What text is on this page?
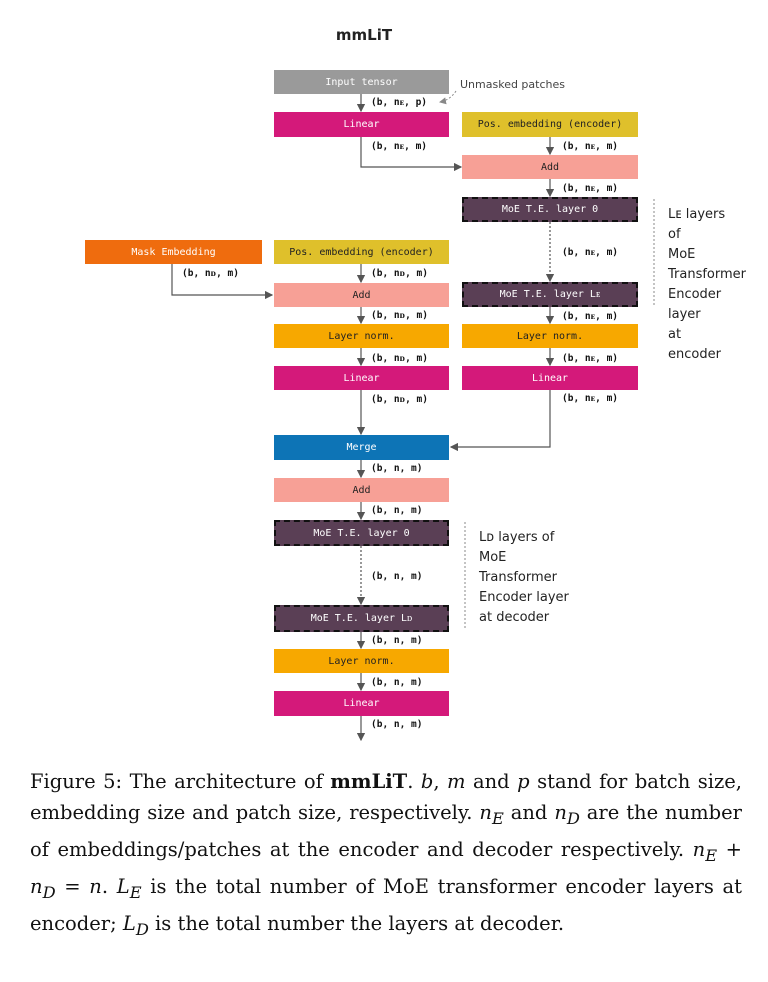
mmLiT
Input tensor	Unmasked patches
(b, nᴇ, p)
Linear
(b, nᴇ, m)
Pos. embedding (encoder)
(b, nᴇ, m)
Add
(b, nᴇ, m)
MoE T.E. layer 0
(b, nᴇ, m)
MoE T.E. layer Lᴇ
Lᴇ layers of
MoE
Transformer
Encoder layer
at encoder
(b, nᴇ, m)
Layer norm.
(b, nᴇ, m)
Linear
(b, nᴇ, m)
Mask Embedding
(b, nᴅ, m)
Pos. embedding (encoder)
(b, nᴅ, m)
Add
(b, nᴅ, m)
Layer norm.
(b, nᴅ, m)
Linear
(b, nᴅ, m)
Merge
(b, n, m)
Add
(b, n, m)
MoE T.E. layer 0
(b, n, m)
MoE T.E. layer Lᴅ
Lᴅ layers of
MoE
Transformer
Encoder layer
at decoder
(b, n, m)
Layer norm.
(b, n, m)
Linear
(b, n, m)
Figure 5: The architecture of mmLiT. b, m and p stand for batch size, embedding size and patch size, respectively. $n_E$ and $n_D$ are the number of embeddings/patches at the encoder and decoder respectively. $n_E + n_D = n$. $L_E$ is the total number of MoE transformer encoder layers at encoder; $L_D$ is the total number the layers at decoder.
